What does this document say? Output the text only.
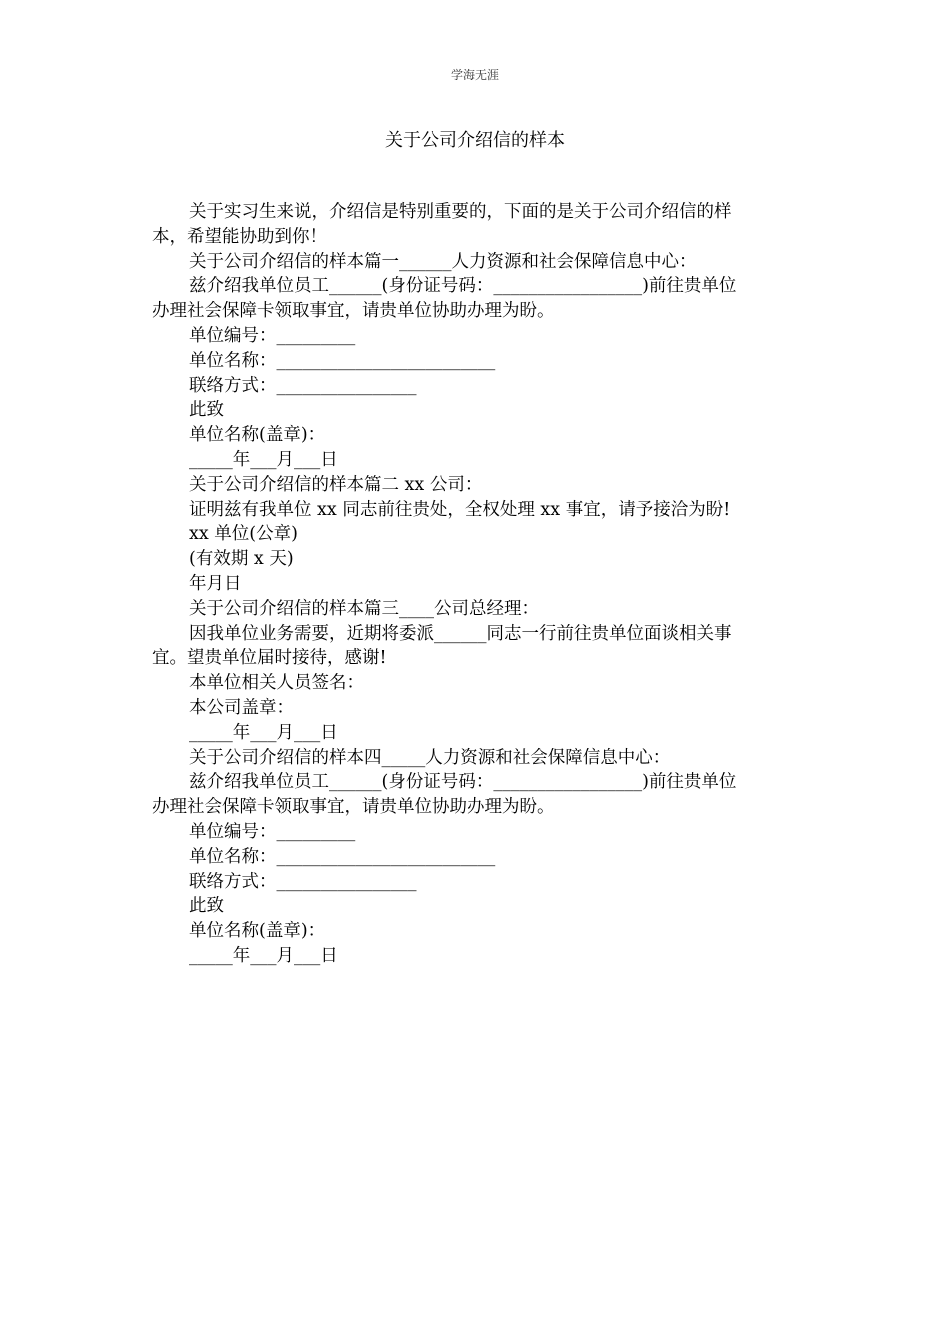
学海无涯
关于公司介绍信的样本
关于实习生来说，介绍信是特别重要的，下面的是关于公司介绍信的样
本，希望能协助到你！
关于公司介绍信的样本篇一______人力资源和社会保障信息中心：
兹介绍我单位员工______(身份证号码：_________________)前往贵单位
办理社会保障卡领取事宜，请贵单位协助办理为盼。
单位编号：_________
单位名称：_________________________
联络方式：________________
此致
单位名称(盖章)：
_____年___月___日
关于公司介绍信的样本篇二 xx 公司：
证明兹有我单位 xx 同志前往贵处，全权处理 xx 事宜，请予接洽为盼!
xx 单位(公章)
(有效期 x 天)
年月日
关于公司介绍信的样本篇三____公司总经理：
因我单位业务需要，近期将委派______同志一行前往贵单位面谈相关事
宜。望贵单位届时接待，感谢!
本单位相关人员签名：
本公司盖章：
_____年___月___日
关于公司介绍信的样本四_____人力资源和社会保障信息中心：
兹介绍我单位员工______(身份证号码：_________________)前往贵单位
办理社会保障卡领取事宜，请贵单位协助办理为盼。
单位编号：_________
单位名称：_________________________
联络方式：________________
此致
单位名称(盖章)：
_____年___月___日
